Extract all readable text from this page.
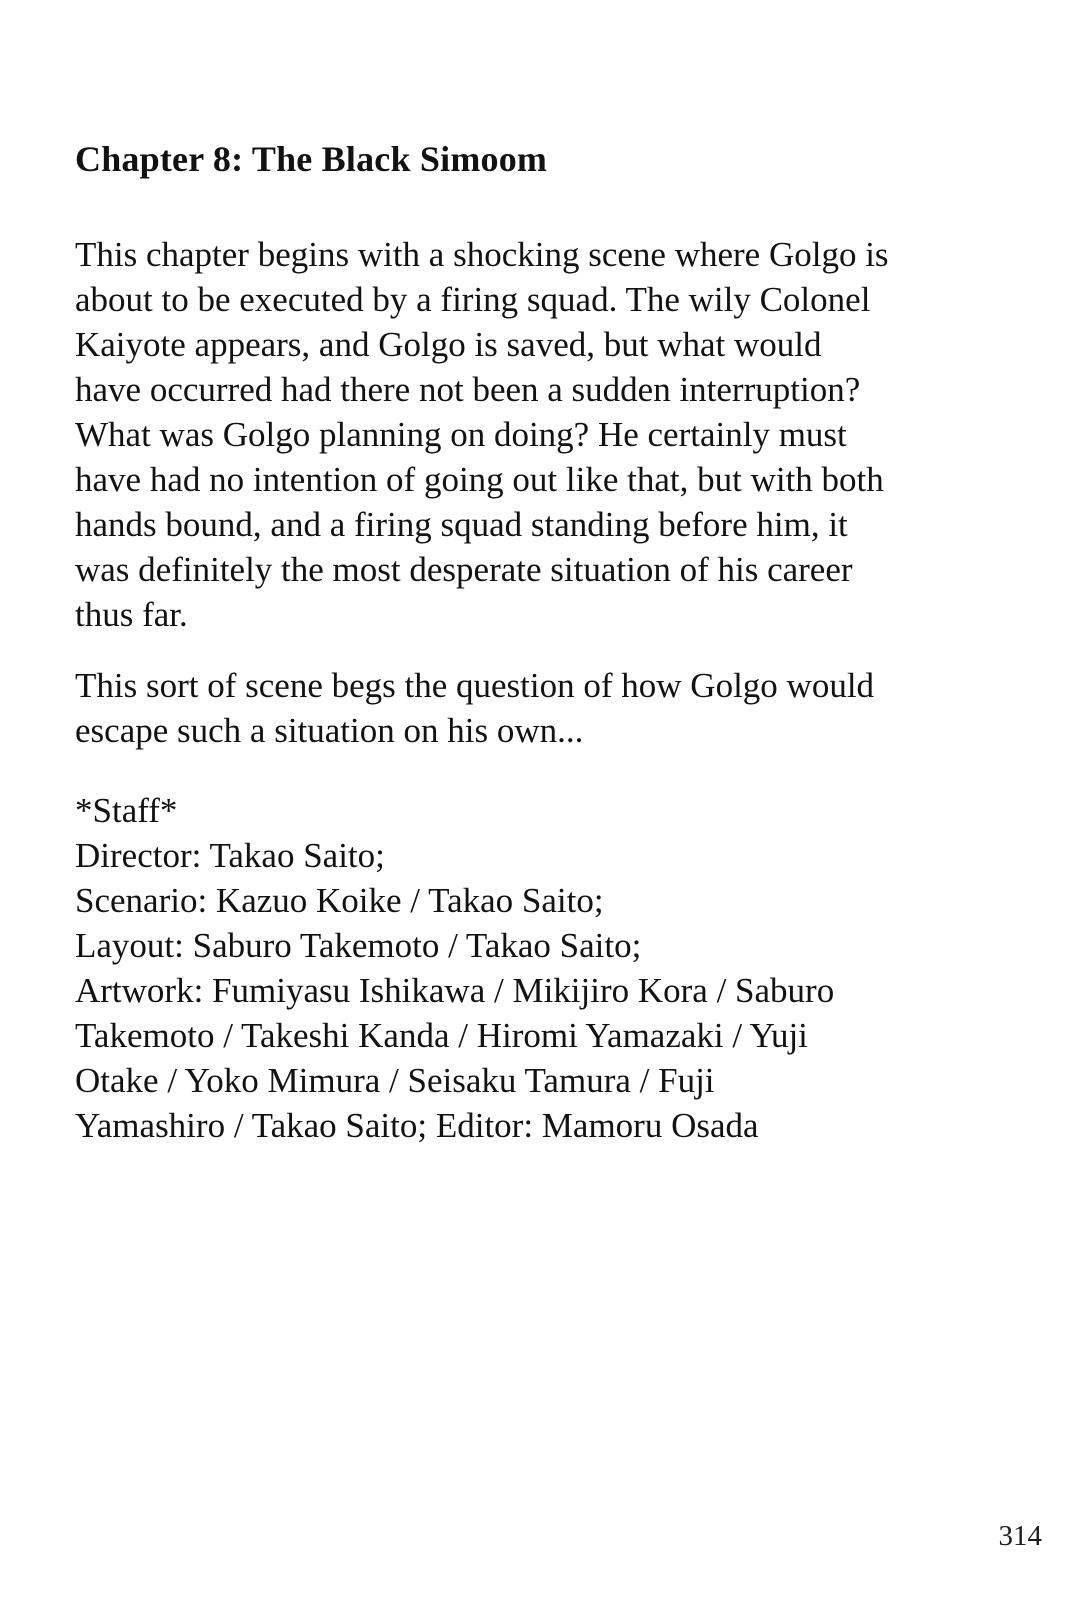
Chapter 8: The Black Simoom
This chapter begins with a shocking scene where Golgo is
about to be executed by a firing squad. The wily Colonel
Kaiyote appears, and Golgo is saved, but what would
have occurred had there not been a sudden interruption?
What was Golgo planning on doing? He certainly must
have had no intention of going out like that, but with both
hands bound, and a firing squad standing before him, it
was definitely the most desperate situation of his career
thus far.
This sort of scene begs the question of how Golgo would
escape such a situation on his own...
*Staff*
Director: Takao Saito;
Scenario: Kazuo Koike / Takao Saito;
Layout: Saburo Takemoto / Takao Saito;
Artwork: Fumiyasu Ishikawa / Mikijiro Kora / Saburo
Takemoto / Takeshi Kanda / Hiromi Yamazaki / Yuji
Otake / Yoko Mimura / Seisaku Tamura / Fuji
Yamashiro / Takao Saito; Editor: Mamoru Osada
314
